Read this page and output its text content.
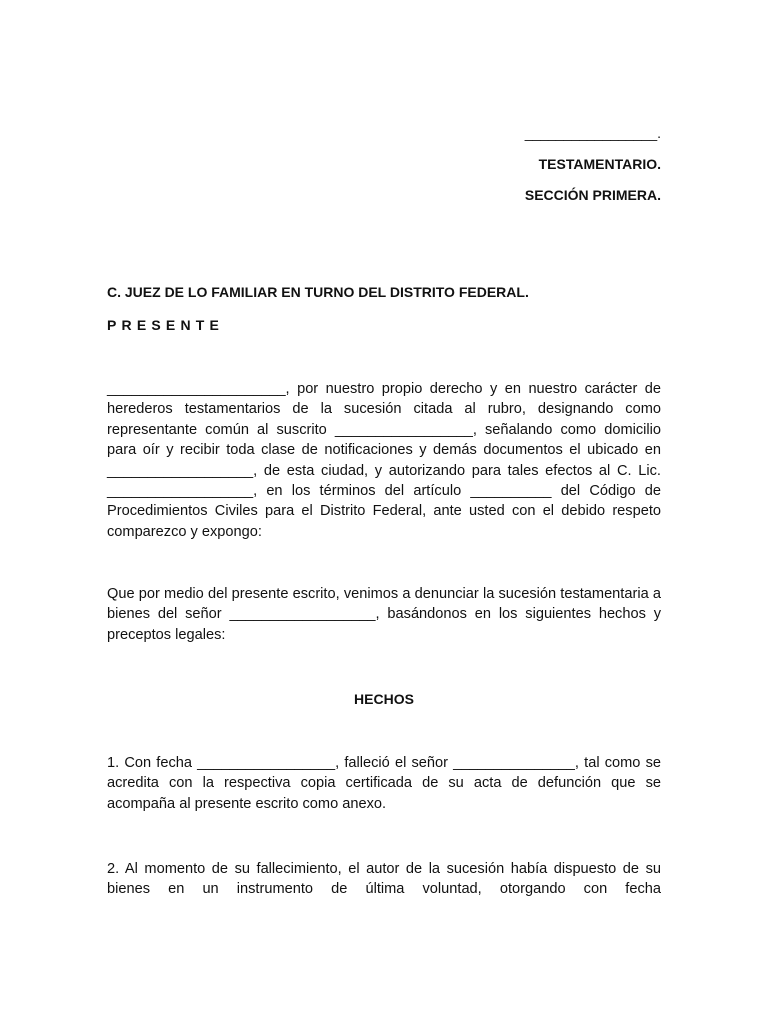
_________________.
TESTAMENTARIO.
SECCIÓN PRIMERA.
C. JUEZ DE LO FAMILIAR EN TURNO DEL DISTRITO FEDERAL.
PRESENTE

______________________, por nuestro propio derecho y en nuestro carácter de herederos testamentarios de la sucesión citada al rubro, designando como representante común al suscrito _________________, señalando como domicilio para oír y recibir toda clase de notificaciones y demás documentos el ubicado en __________________, de esta ciudad, y autorizando para tales efectos al C. Lic. __________________, en los términos del artículo __________ del Código de Procedimientos Civiles para el Distrito Federal, ante usted con el debido respeto comparezco y expongo:

Que por medio del presente escrito, venimos a denunciar la sucesión testamentaria a bienes del señor __________________, basándonos en los siguientes hechos y preceptos legales:

HECHOS

1. Con fecha _________________, falleció el señor _______________, tal como se acredita con la respectiva copia certificada de su acta de defunción que se acompaña al presente escrito como anexo.

2. Al momento de su fallecimiento, el autor de la sucesión había dispuesto de su bienes en un instrumento de última voluntad, otorgando con fecha
